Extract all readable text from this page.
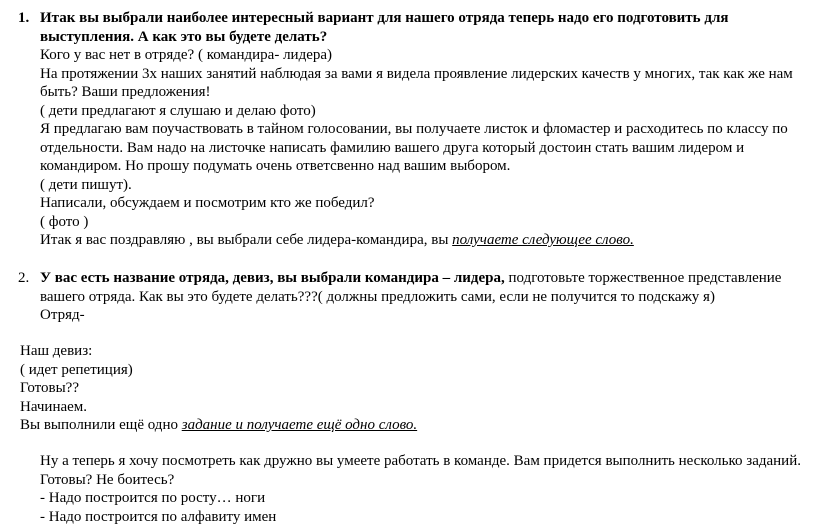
1. Итак вы выбрали наиболее интересный вариант для нашего отряда теперь надо его подготовить для выступления. А как это вы будете делать?
Кого у вас нет в отряде? ( командира- лидера)
На протяжении 3х наших занятий наблюдая за вами я видела проявление лидерских качеств у многих, так как же нам быть? Ваши предложения!
( дети предлагают я слушаю и делаю фото)
Я предлагаю вам поучаствовать в тайном голосовании, вы получаете листок и фломастер и расходитесь по классу по отдельности. Вам надо на листочке написать фамилию вашего друга который достоин стать вашим лидером и командиром. Но прошу подумать очень ответсвенно над вашим выбором.
( дети пишут).
Написали, обсуждаем и посмотрим кто же победил?
( фото )
Итак я вас поздравляю , вы выбрали себе лидера-командира, вы получаете следующее слово.
2. У вас есть название отряда, девиз, вы выбрали командира – лидера, подготовьте торжественное представление вашего отряда. Как вы это будете делать???( должны предложить сами, если не получится то подскажу я)
Отряд-
Наш девиз:
( идет репетиция)
Готовы??
Начинаем.
Вы выполнили ещё одно задание и получаете ещё одно слово.
Ну а теперь я хочу посмотреть как дружно вы умеете работать в команде. Вам придется выполнить несколько заданий. Готовы? Не боитесь?
- Надо построится по росту… ноги
- Надо построится по алфавиту имен
